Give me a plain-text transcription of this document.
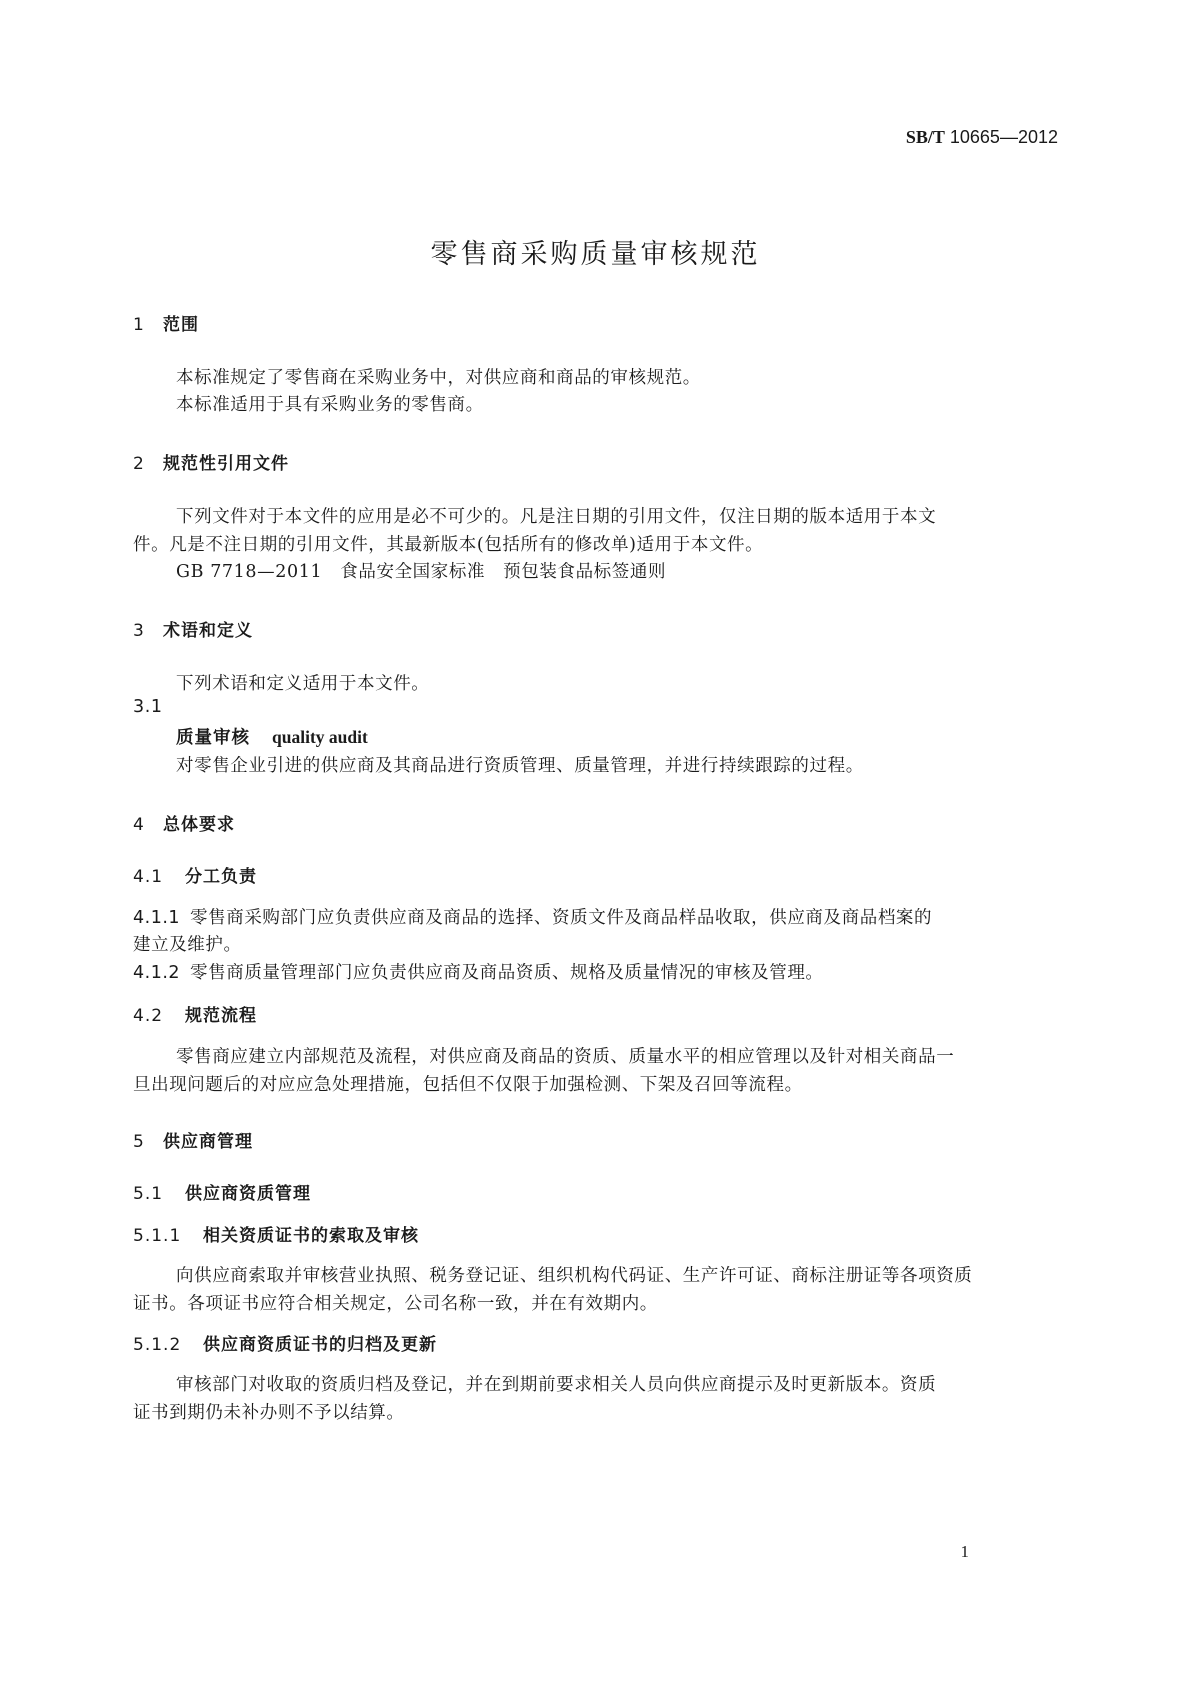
SB/T 10665—2012
零售商采购质量审核规范
1 范围
本标准规定了零售商在采购业务中，对供应商和商品的审核规范。
本标准适用于具有采购业务的零售商。
2 规范性引用文件
下列文件对于本文件的应用是必不可少的。凡是注日期的引用文件，仅注日期的版本适用于本文
件。凡是不注日期的引用文件，其最新版本(包括所有的修改单)适用于本文件。
GB 7718—2011　食品安全国家标准　预包装食品标签通则
3 术语和定义
下列术语和定义适用于本文件。
3.1
质量审核 quality audit
对零售企业引进的供应商及其商品进行资质管理、质量管理，并进行持续跟踪的过程。
4 总体要求
4.1 分工负责
4.1.1 零售商采购部门应负责供应商及商品的选择、资质文件及商品样品收取，供应商及商品档案的
建立及维护。
4.1.2 零售商质量管理部门应负责供应商及商品资质、规格及质量情况的审核及管理。
4.2 规范流程
零售商应建立内部规范及流程，对供应商及商品的资质、质量水平的相应管理以及针对相关商品一
旦出现问题后的对应应急处理措施，包括但不仅限于加强检测、下架及召回等流程。
5 供应商管理
5.1 供应商资质管理
5.1.1 相关资质证书的索取及审核
向供应商索取并审核营业执照、税务登记证、组织机构代码证、生产许可证、商标注册证等各项资质
证书。各项证书应符合相关规定，公司名称一致，并在有效期内。
5.1.2 供应商资质证书的归档及更新
审核部门对收取的资质归档及登记，并在到期前要求相关人员向供应商提示及时更新版本。资质
证书到期仍未补办则不予以结算。
1
